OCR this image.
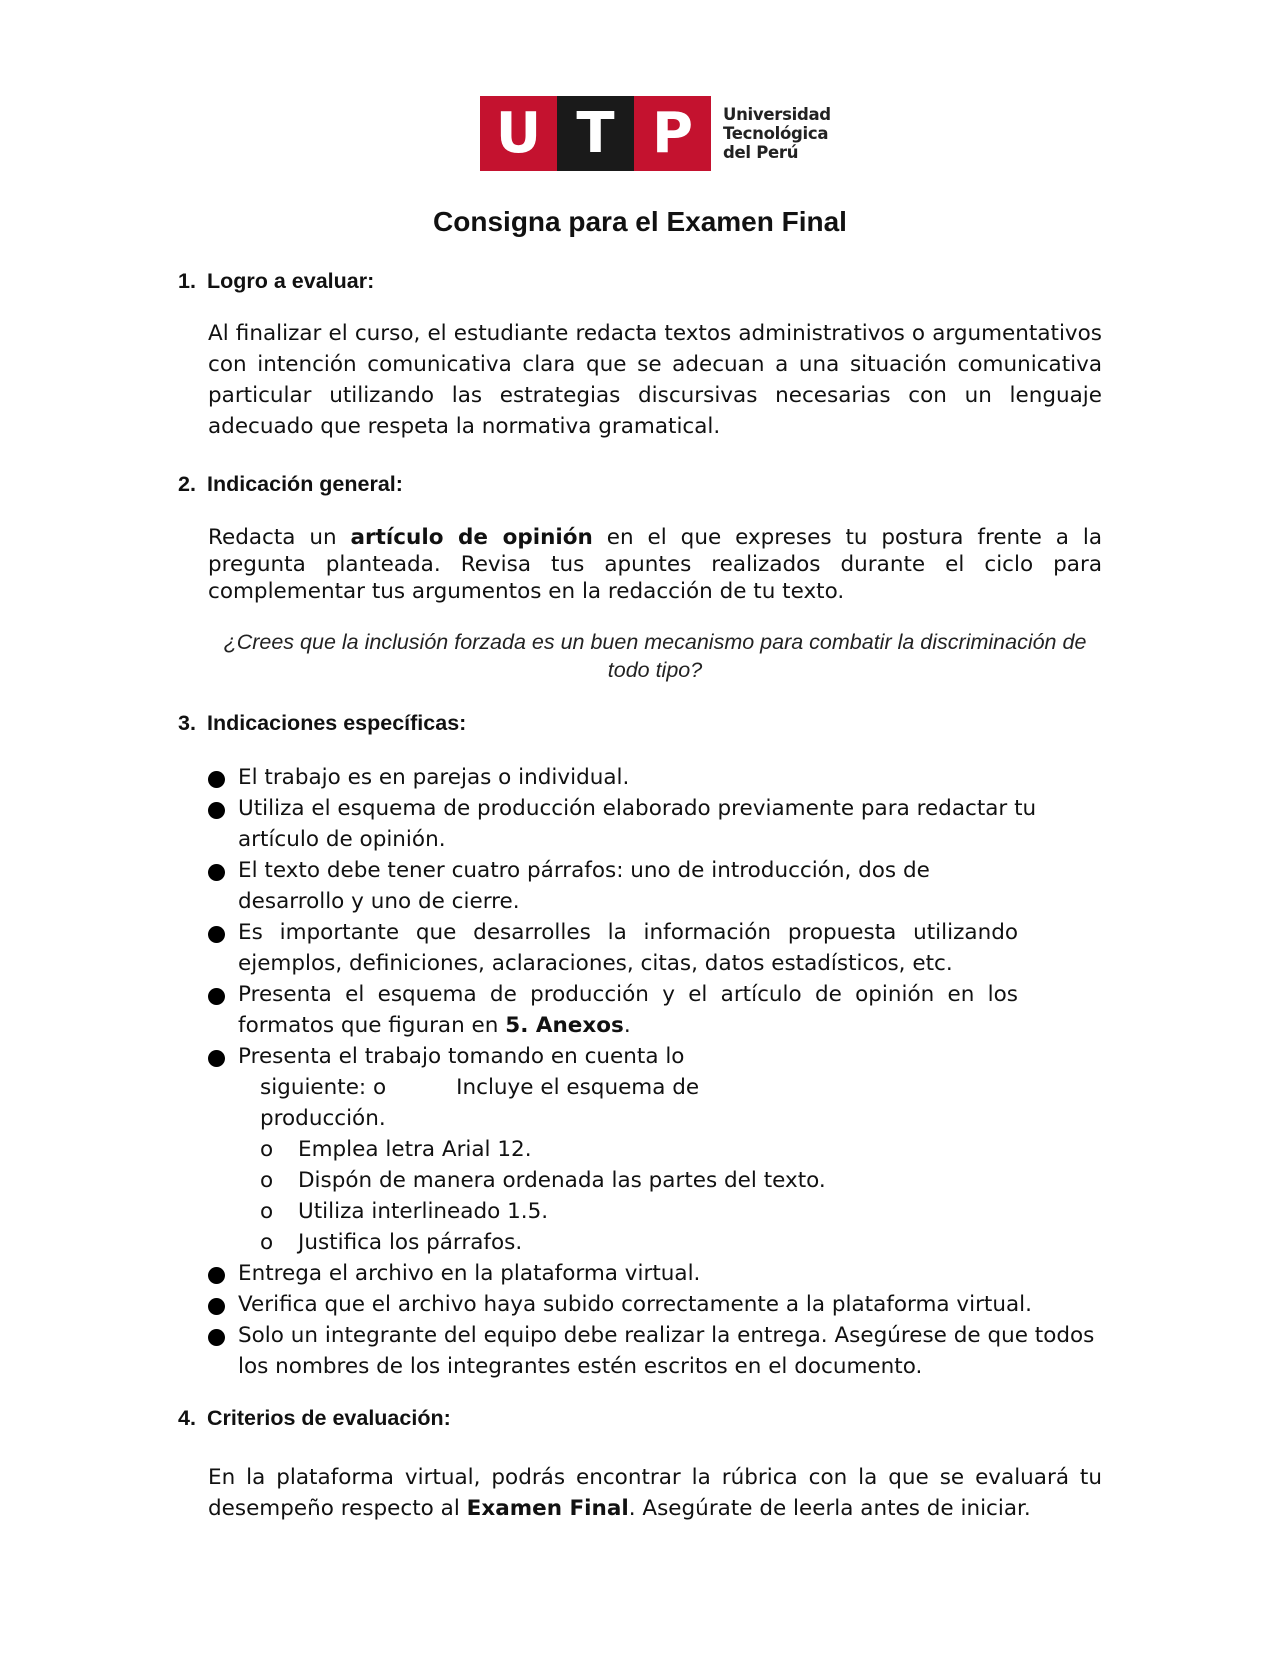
U T P	Universidad
Tecnológica
del Perú
Consigna para el Examen Final
1. Logro a evaluar:
Al finalizar el curso, el estudiante redacta textos administrativos o argumentativos con intención comunicativa clara que se adecuan a una situación comunicativa particular utilizando las estrategias discursivas necesarias con un lenguaje adecuado que respeta la normativa gramatical.
2. Indicación general:
Redacta un artículo de opinión en el que expreses tu postura frente a la pregunta planteada. Revisa tus apuntes realizados durante el ciclo para complementar tus argumentos en la redacción de tu texto.
¿Crees que la inclusión forzada es un buen mecanismo para combatir la discriminación de todo tipo?
3. Indicaciones específicas:
El trabajo es en parejas o individual.
Utiliza el esquema de producción elaborado previamente para redactar tu artículo de opinión.
El texto debe tener cuatro párrafos: uno de introducción, dos de desarrollo y uno de cierre.
Es importante que desarrolles la información propuesta utilizando ejemplos, definiciones, aclaraciones, citas, datos estadísticos, etc.
Presenta el esquema de producción y el artículo de opinión en los formatos que figuran en 5. Anexos.
Presenta el trabajo tomando en cuenta lo
siguiente: o	Incluye el esquema de
producción.
o Emplea letra Arial 12.
o Dispón de manera ordenada las partes del texto.
o Utiliza interlineado 1.5.
o Justifica los párrafos.
Entrega el archivo en la plataforma virtual.
Verifica que el archivo haya subido correctamente a la plataforma virtual.
Solo un integrante del equipo debe realizar la entrega. Asegúrese de que todos los nombres de los integrantes estén escritos en el documento.
4. Criterios de evaluación:
En la plataforma virtual, podrás encontrar la rúbrica con la que se evaluará tu desempeño respecto al Examen Final. Asegúrate de leerla antes de iniciar.
